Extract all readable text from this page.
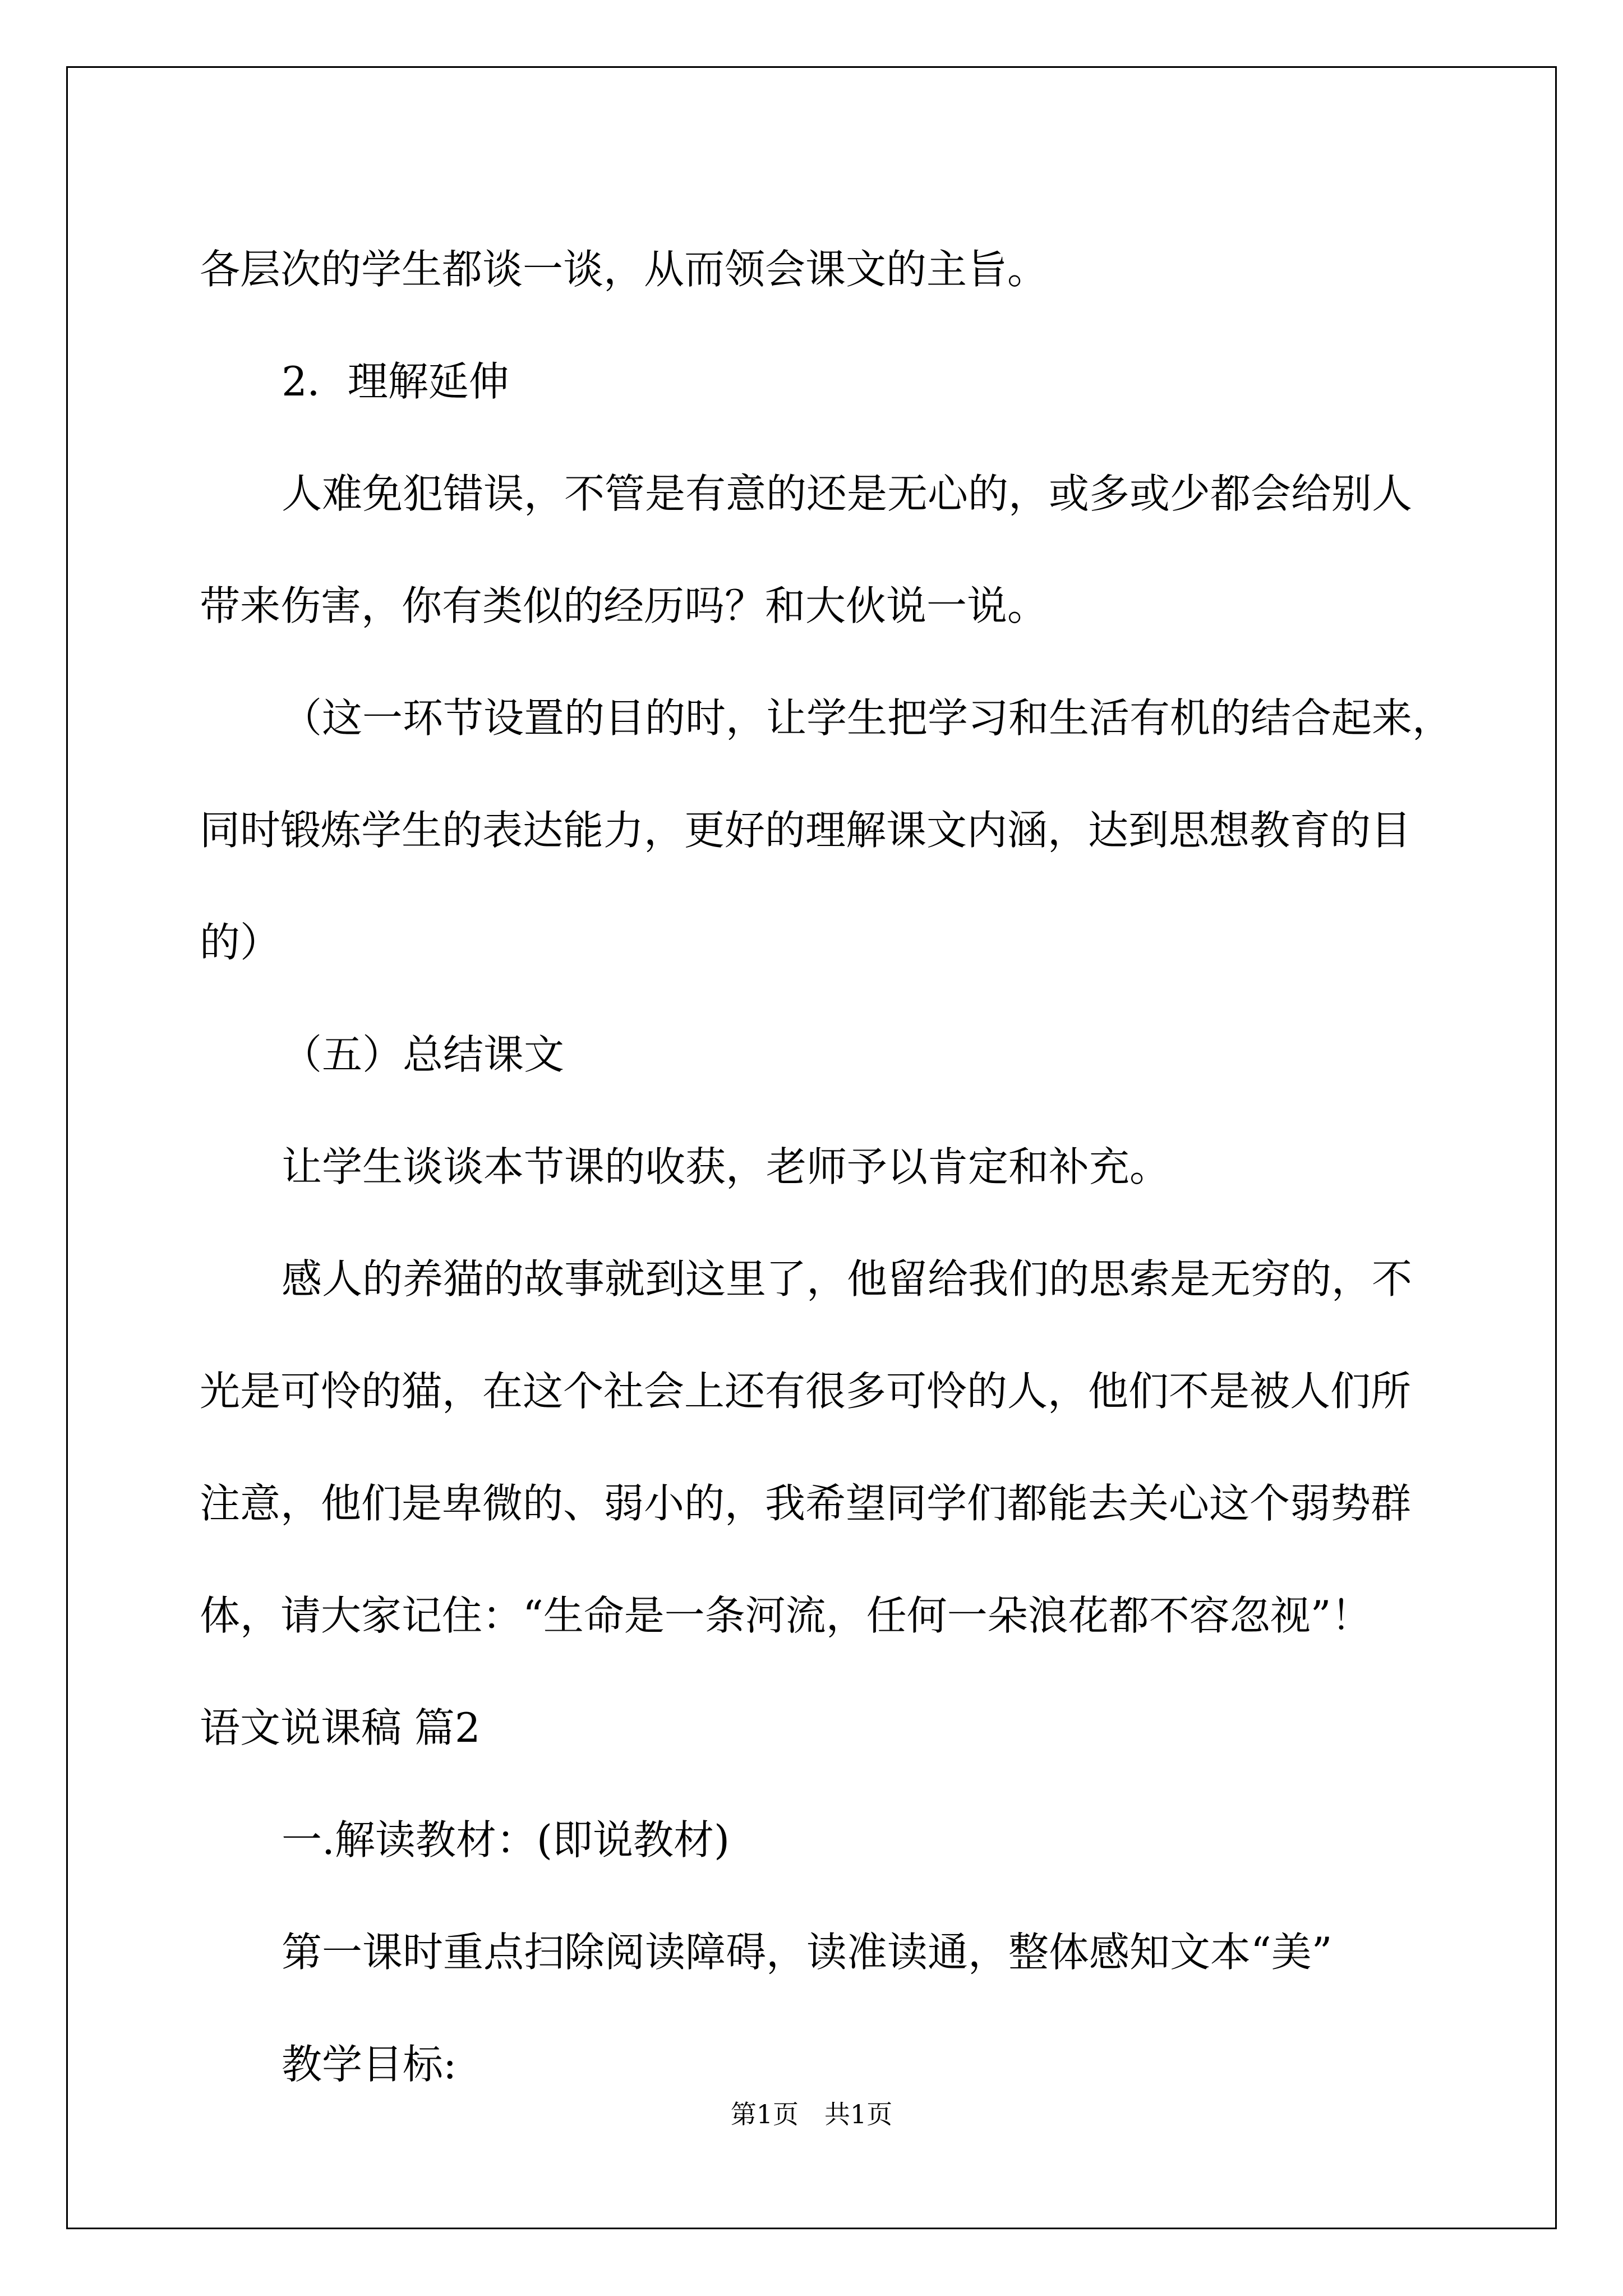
各层次的学生都谈一谈，从而领会课文的主旨。

2．理解延伸

人难免犯错误，不管是有意的还是无心的，或多或少都会给别人

带来伤害，你有类似的经历吗？和大伙说一说。

（这一环节设置的目的时，让学生把学习和生活有机的结合起来，

同时锻炼学生的表达能力，更好的理解课文内涵，达到思想教育的目

的）

（五）总结课文

让学生谈谈本节课的收获，老师予以肯定和补充。

感人的养猫的故事就到这里了，他留给我们的思索是无穷的，不

光是可怜的猫，在这个社会上还有很多可怜的人，他们不是被人们所

注意，他们是卑微的、弱小的，我希望同学们都能去关心这个弱势群

体，请大家记住：“生命是一条河流，任何一朵浪花都不容忽视”！

语文说课稿 篇2

一.解读教材：(即说教材)

第一课时重点扫除阅读障碍，读准读通，整体感知文本“美”

教学目标:

第1页　共1页
